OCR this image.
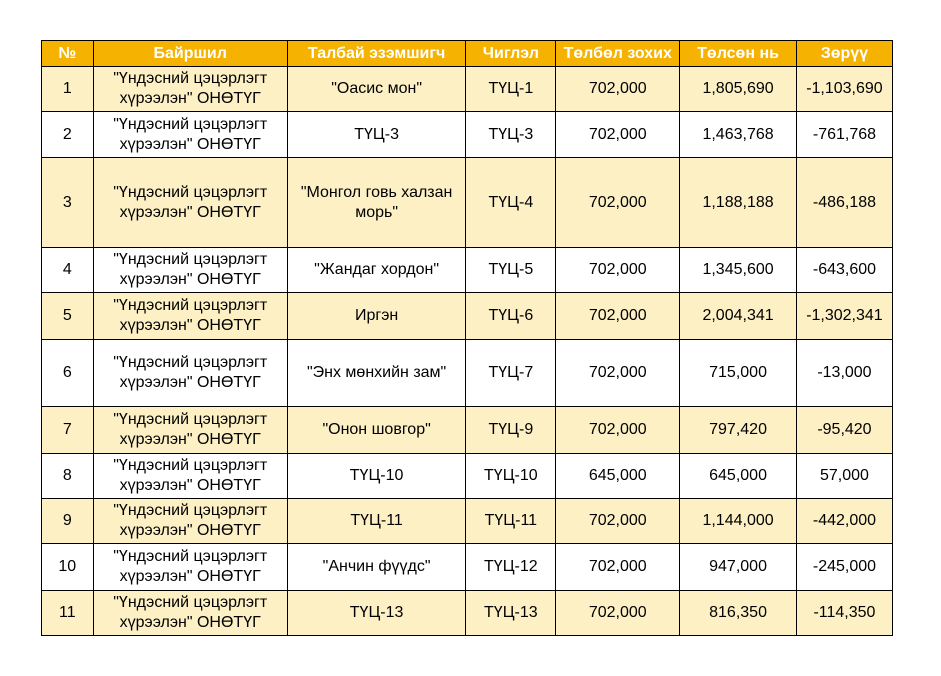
№	Байршил	Талбай эзэмшигч	Чиглэл	Төлбөл зохих	Төлсөн нь	Зөрүү
1	"Үндэсний цэцэрлэгт хүрээлэн" ОНӨТҮГ	"Оасис мон"	ТҮЦ-1	702,000	1,805,690	-1,103,690
2	"Үндэсний цэцэрлэгт хүрээлэн" ОНӨТҮГ	ТҮЦ-3	ТҮЦ-3	702,000	1,463,768	-761,768
3	"Үндэсний цэцэрлэгт хүрээлэн" ОНӨТҮГ	"Монгол говь халзан морь"	ТҮЦ-4	702,000	1,188,188	-486,188
4	"Үндэсний цэцэрлэгт хүрээлэн" ОНӨТҮГ	"Жандаг хордон"	ТҮЦ-5	702,000	1,345,600	-643,600
5	"Үндэсний цэцэрлэгт хүрээлэн" ОНӨТҮГ	Иргэн	ТҮЦ-6	702,000	2,004,341	-1,302,341
6	"Үндэсний цэцэрлэгт хүрээлэн" ОНӨТҮГ	"Энх мөнхийн зам"	ТҮЦ-7	702,000	715,000	-13,000
7	"Үндэсний цэцэрлэгт хүрээлэн" ОНӨТҮГ	"Онон шовгор"	ТҮЦ-9	702,000	797,420	-95,420
8	"Үндэсний цэцэрлэгт хүрээлэн" ОНӨТҮГ	ТҮЦ-10	ТҮЦ-10	645,000	645,000	57,000
9	"Үндэсний цэцэрлэгт хүрээлэн" ОНӨТҮГ	ТҮЦ-11	ТҮЦ-11	702,000	1,144,000	-442,000
10	"Үндэсний цэцэрлэгт хүрээлэн" ОНӨТҮГ	"Анчин фүүдс"	ТҮЦ-12	702,000	947,000	-245,000
11	"Үндэсний цэцэрлэгт хүрээлэн" ОНӨТҮГ	ТҮЦ-13	ТҮЦ-13	702,000	816,350	-114,350
